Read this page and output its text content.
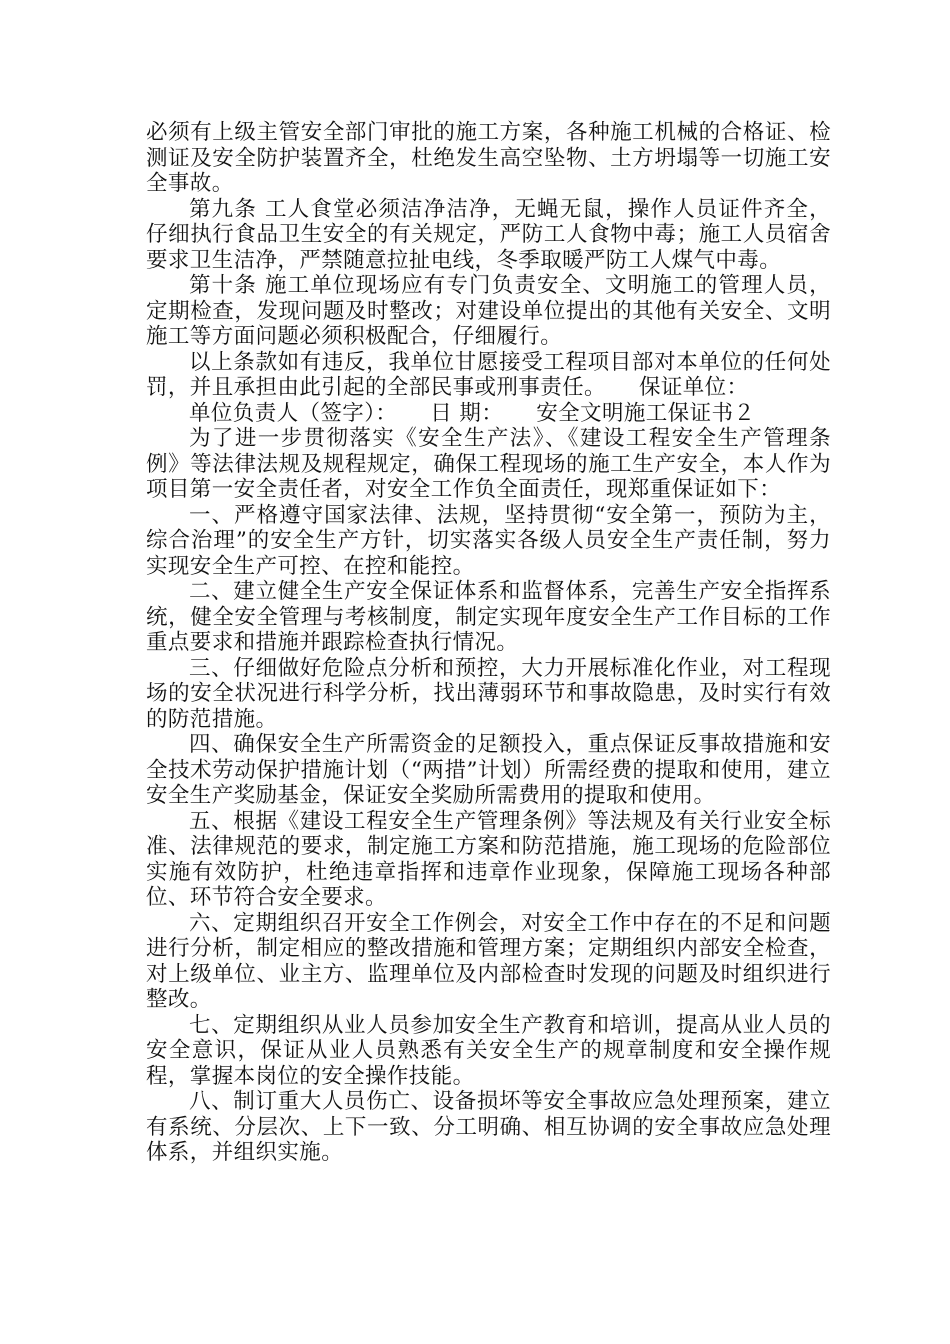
必须有上级主管安全部门审批的施工方案，各种施工机械的合格证、检测证及安全防护装置齐全，杜绝发生高空坠物、土方坍塌等一切施工安全事故。

第九条 工人食堂必须洁净洁净，无蝇无鼠，操作人员证件齐全，仔细执行食品卫生安全的有关规定，严防工人食物中毒；施工人员宿舍要求卫生洁净，严禁随意拉扯电线，冬季取暖严防工人煤气中毒。

第十条 施工单位现场应有专门负责安全、文明施工的管理人员，定期检查，发现问题及时整改；对建设单位提出的其他有关安全、文明施工等方面问题必须积极配合，仔细履行。

以上条款如有违反，我单位甘愿接受工程项目部对本单位的任何处罚，并且承担由此引起的全部民事或刑事责任。　　保证单位：

单位负责人（签字）：　　日 期：　　安全文明施工保证书２

为了进一步贯彻落实《安全生产法》、《建设工程安全生产管理条例》等法律法规及规程规定，确保工程现场的施工生产安全，本人作为项目第一安全责任者，对安全工作负全面责任，现郑重保证如下：

一、严格遵守国家法律、法规，坚持贯彻“安全第一，预防为主，综合治理”的安全生产方针，切实落实各级人员安全生产责任制，努力实现安全生产可控、在控和能控。

二、建立健全生产安全保证体系和监督体系，完善生产安全指挥系统，健全安全管理与考核制度，制定实现年度安全生产工作目标的工作重点要求和措施并跟踪检查执行情况。

三、仔细做好危险点分析和预控，大力开展标准化作业，对工程现场的安全状况进行科学分析，找出薄弱环节和事故隐患，及时实行有效的防范措施。

四、确保安全生产所需资金的足额投入，重点保证反事故措施和安全技术劳动保护措施计划（“两措”计划）所需经费的提取和使用，建立安全生产奖励基金，保证安全奖励所需费用的提取和使用。

五、根据《建设工程安全生产管理条例》等法规及有关行业安全标准、法律规范的要求，制定施工方案和防范措施，施工现场的危险部位实施有效防护，杜绝违章指挥和违章作业现象，保障施工现场各种部位、环节符合安全要求。

六、定期组织召开安全工作例会，对安全工作中存在的不足和问题进行分析，制定相应的整改措施和管理方案；定期组织内部安全检查，对上级单位、业主方、监理单位及内部检查时发现的问题及时组织进行整改。

七、定期组织从业人员参加安全生产教育和培训，提高从业人员的安全意识，保证从业人员熟悉有关安全生产的规章制度和安全操作规程，掌握本岗位的安全操作技能。

八、制订重大人员伤亡、设备损坏等安全事故应急处理预案，建立有系统、分层次、上下一致、分工明确、相互协调的安全事故应急处理体系，并组织实施。
